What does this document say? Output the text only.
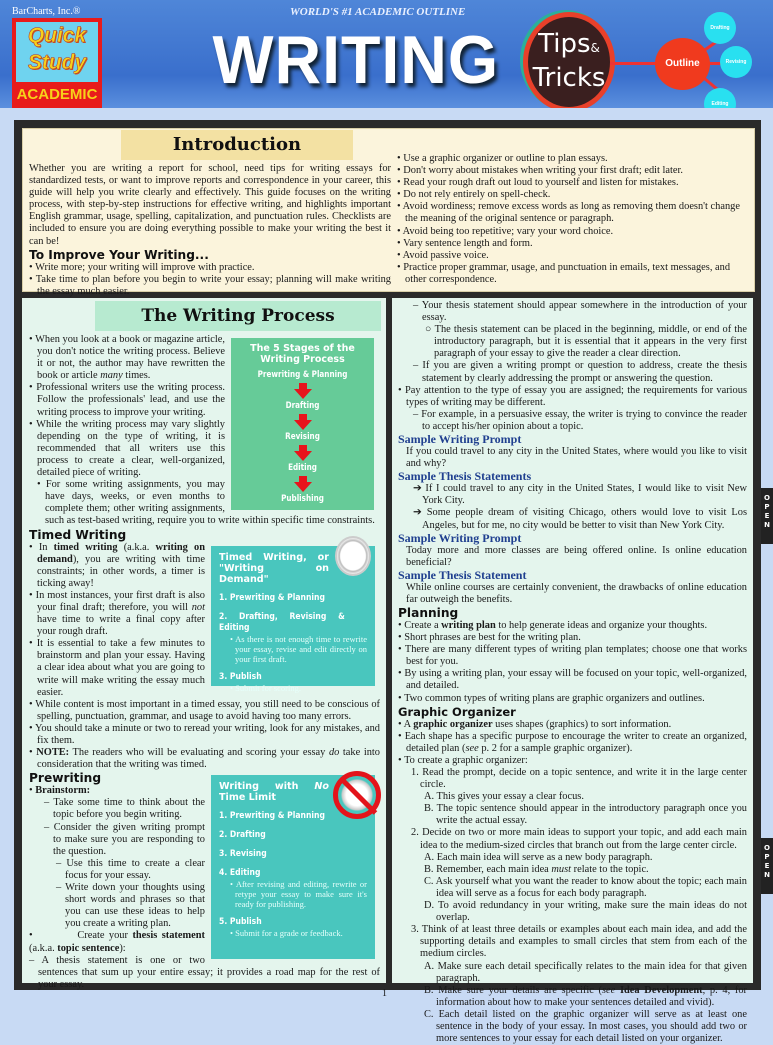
BarCharts, Inc.®
Quick Study
ACADEMIC
WORLD'S #1 ACADEMIC OUTLINE
WRITING	Tips&
Tricks	Outline
Drafting
Revising
Editing
Introduction

Whether you are writing a report for school, need tips for writing essays for standardized tests, or want to improve reports and correspondence in your career, this guide will help you write clearly and effectively. This guide focuses on the writing process, with step-by-step instructions for effective writing, and highlights important English grammar, usage, spelling, capitalization, and punctuation rules. Checklists are included to ensure you are doing everything possible to make your writing the best it can be!

To Improve Your Writing...
• Write more; your writing will improve with practice.
• Take time to plan before you begin to write your essay; planning will make writing the essay much easier.
• Use a graphic organizer or outline to plan essays.
• Don't worry about mistakes when writing your first draft; edit later.
• Read your rough draft out loud to yourself and listen for mistakes.
• Do not rely entirely on spell-check.
• Avoid wordiness; remove excess words as long as removing them doesn't change the meaning of the original sentence or paragraph.
• Avoid being too repetitive; vary your word choice.
• Vary sentence length and form.
• Avoid passive voice.
• Practice proper grammar, usage, and punctuation in emails, text messages, and other correspondence.
The Writing Process
The 5 Stages of the Writing Process
Prewriting & Planning
Drafting
Revising
Editing
Publishing
• When you look at a book or magazine article, you don't notice the writing process. Believe it or not, the author may have rewritten the book or article many times.
• Professional writers use the writing process. Follow the professionals' lead, and use the writing process to improve your writing.
• While the writing process may vary slightly depending on the type of writing, it is recommended that all writers use this process to create a clear, well-organized, detailed piece of writing.
• For some writing assignments, you may have days, weeks, or even months to complete them; other writing assignments, such as test-based writing, require you to write within specific time constraints.
Timed Writing
Timed Writing, or "Writing on Demand"
1. Prewriting & Planning
2. Drafting, Revising & Editing
• As there is not enough time to rewrite your essay, revise and edit directly on your first draft.
3. Publish
• Submit for scoring.
• In timed writing (a.k.a. writing on demand), you are writing with time constraints; in other words, a timer is ticking away!
• In most instances, your first draft is also your final draft; therefore, you will not have time to write a final copy after your rough draft.
• It is essential to take a few minutes to brainstorm and plan your essay. Having a clear idea about what you are going to write will make writing the essay much easier.
• While content is most important in a timed essay, you still need to be conscious of spelling, punctuation, grammar, and usage to avoid having too many errors.
• You should take a minute or two to reread your writing, look for any mistakes, and fix them.
• NOTE: The readers who will be evaluating and scoring your essay do take into consideration that the writing was timed.
Prewriting
Writing with No Time Limit
1. Prewriting & Planning
2. Drafting
3. Revising
4. Editing
• After revising and editing, rewrite or retype your essay to make sure it's ready for publishing.
5. Publish
• Submit for a grade or feedback.
• Brainstorm:
– Take some time to think about the topic before you begin writing.
– Consider the given writing prompt to make sure you are responding to the question.
– Use this time to create a clear focus for your essay.
– Write down your thoughts using short words and phrases so that you can use these ideas to help you create a writing plan.
•          Create your thesis statement (a.k.a. topic sentence):
– A thesis statement is one or two sentences that sum up your entire essay; it provides a road map for the rest of your essay.
– Your thesis statement should appear somewhere in the introduction of your essay.
○ The thesis statement can be placed in the beginning, middle, or end of the introductory paragraph, but it is essential that it appears in the very first paragraph of your essay to give the reader a clear direction.
– If you are given a writing prompt or question to address, create the thesis statement by clearly addressing the prompt or answering the question.
• Pay attention to the type of essay you are assigned; the requirements for various types of writing may be different.
– For example, in a persuasive essay, the writer is trying to convince the reader to accept his/her opinion about a topic.
Sample Writing Prompt

If you could travel to any city in the United States, where would you like to visit and why?

Sample Thesis Statements
➔ If I could travel to any city in the United States, I would like to visit New York City.
➔ Some people dream of visiting Chicago, others would love to visit Los Angeles, but for me, no city would be better to visit than New York City.
Sample Writing Prompt

Today more and more classes are being offered online. Is online education beneficial?

Sample Thesis Statement

While online courses are certainly convenient, the drawbacks of online education far outweigh the benefits.

Planning
• Create a writing plan to help generate ideas and organize your thoughts.
• Short phrases are best for the writing plan.
• There are many different types of writing plan templates; choose one that works best for you.
• By using a writing plan, your essay will be focused on your topic, well-organized, and detailed.
• Two common types of writing plans are graphic organizers and outlines.
Graphic Organizer
• A graphic organizer uses shapes (graphics) to sort information.
• Each shape has a specific purpose to encourage the writer to create an organized, detailed plan (see p. 2 for a sample graphic organizer).
• To create a graphic organizer:
1. Read the prompt, decide on a topic sentence, and write it in the large center circle.
A. This gives your essay a clear focus.
B. The topic sentence should appear in the introductory paragraph once you write the actual essay.
2. Decide on two or more main ideas to support your topic, and add each main idea to the medium-sized circles that branch out from the large center circle.
A. Each main idea will serve as a new body paragraph.
B. Remember, each main idea must relate to the topic.
C. Ask yourself what you want the reader to know about the topic; each main idea will serve as a focus for each body paragraph.
D. To avoid redundancy in your writing, make sure the main ideas do not overlap.
3. Think of at least three details or examples about each main idea, and add the supporting details and examples to small circles that stem from each of the medium circles.
A. Make sure each detail specifically relates to the main idea for that given paragraph.
B. Make sure your details are specific (see Idea Development, p. 4, for information about how to make your sentences detailed and vivid).
C. Each detail listed on the graphic organizer will serve as at least one sentence in the body of your essay. In most cases, you should add two or more sentences to your essay for each detail listed on your organizer.
O
P
E
N
O
P
E
N
1
